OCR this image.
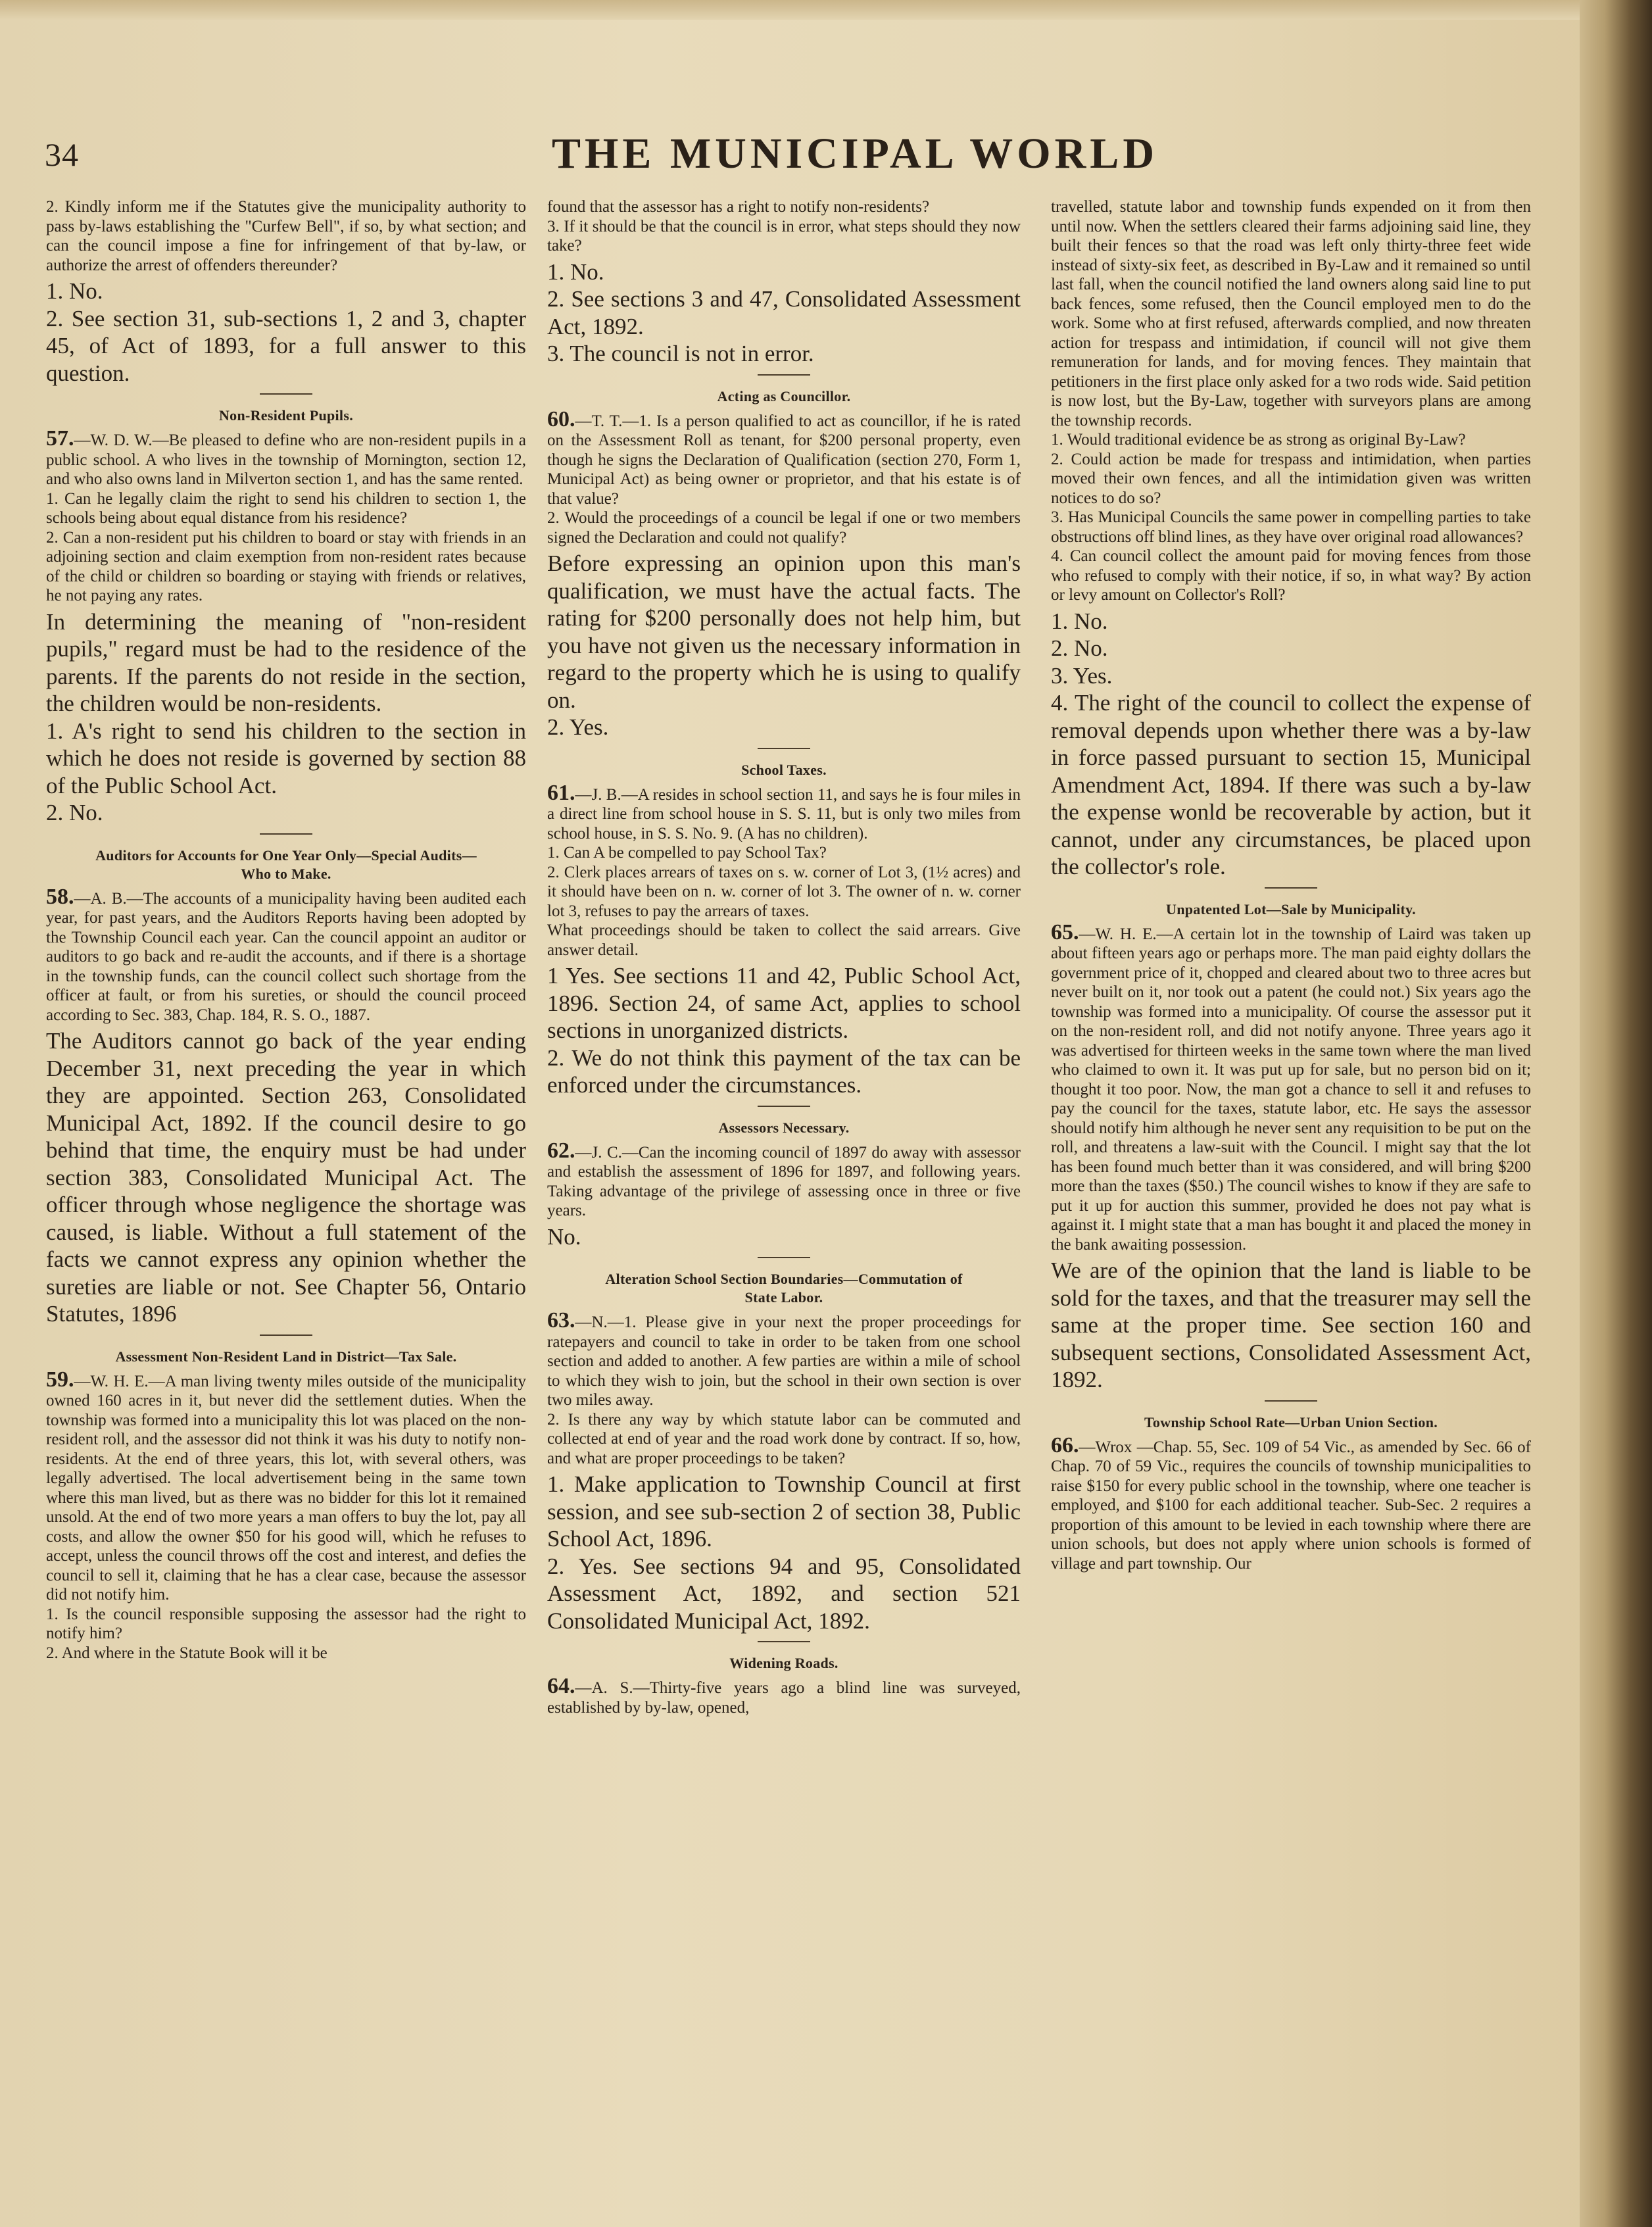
34	THE MUNICIPAL WORLD
2. Kindly inform me if the Statutes give the municipality authority to pass by-laws establishing the "Curfew Bell", if so, by what section; and can the council impose a fine for infringement of that by-law, or authorize the arrest of offenders thereunder?
1. No.
2. See section 31, sub-sections 1, 2 and 3, chapter 45, of Act of 1893, for a full answer to this question.
Non-Resident Pupils.
57.—W. D. W.—Be pleased to define who are non-resident pupils in a public school. A who lives in the township of Mornington, section 12, and who also owns land in Milverton section 1, and has the same rented.
1. Can he legally claim the right to send his children to section 1, the schools being about equal distance from his residence?
2. Can a non-resident put his children to board or stay with friends in an adjoining section and claim exemption from non-resident rates because of the child or children so boarding or staying with friends or relatives, he not paying any rates.
In determining the meaning of "non-resident pupils," regard must be had to the residence of the parents. If the parents do not reside in the section, the children would be non-residents.
1. A's right to send his children to the section in which he does not reside is governed by section 88 of the Public School Act.
2. No.
Auditors for Accounts for One Year Only—Special Audits—
Who to Make.
58.—A. B.—The accounts of a municipality having been audited each year, for past years, and the Auditors Reports having been adopted by the Township Council each year. Can the council appoint an auditor or auditors to go back and re-audit the accounts, and if there is a shortage in the township funds, can the council collect such shortage from the officer at fault, or from his sureties, or should the council proceed according to Sec. 383, Chap. 184, R. S. O., 1887.
The Auditors cannot go back of the year ending December 31, next preceding the year in which they are appointed. Section 263, Consolidated Municipal Act, 1892. If the council desire to go behind that time, the enquiry must be had under section 383, Consolidated Municipal Act. The officer through whose negligence the shortage was caused, is liable. Without a full statement of the facts we cannot express any opinion whether the sureties are liable or not. See Chapter 56, Ontario Statutes, 1896
Assessment Non-Resident Land in District—Tax Sale.
59.—W. H. E.—A man living twenty miles outside of the municipality owned 160 acres in it, but never did the settlement duties. When the township was formed into a municipality this lot was placed on the non-resident roll, and the assessor did not think it was his duty to notify non-residents. At the end of three years, this lot, with several others, was legally advertised. The local advertisement being in the same town where this man lived, but as there was no bidder for this lot it remained unsold. At the end of two more years a man offers to buy the lot, pay all costs, and allow the owner $50 for his good will, which he refuses to accept, unless the council throws off the cost and interest, and defies the council to sell it, claiming that he has a clear case, because the assessor did not notify him.
1. Is the council responsible supposing the assessor had the right to notify him?
2. And where in the Statute Book will it be
found that the assessor has a right to notify non-residents?
3. If it should be that the council is in error, what steps should they now take?
1. No.
2. See sections 3 and 47, Consolidated Assessment Act, 1892.
3. The council is not in error.
Acting as Councillor.
60.—T. T.—1. Is a person qualified to act as councillor, if he is rated on the Assessment Roll as tenant, for $200 personal property, even though he signs the Declaration of Qualification (section 270, Form 1, Municipal Act) as being owner or proprietor, and that his estate is of that value?
2. Would the proceedings of a council be legal if one or two members signed the Declaration and could not qualify?
Before expressing an opinion upon this man's qualification, we must have the actual facts. The rating for $200 personally does not help him, but you have not given us the necessary information in regard to the property which he is using to qualify on.
2. Yes.
School Taxes.
61.—J. B.—A resides in school section 11, and says he is four miles in a direct line from school house in S. S. 11, but is only two miles from school house, in S. S. No. 9. (A has no children).
1. Can A be compelled to pay School Tax?
2. Clerk places arrears of taxes on s. w. corner of Lot 3, (1½ acres) and it should have been on n. w. corner of lot 3. The owner of n. w. corner lot 3, refuses to pay the arrears of taxes.
What proceedings should be taken to collect the said arrears. Give answer detail.
1 Yes. See sections 11 and 42, Public School Act, 1896. Section 24, of same Act, applies to school sections in unorganized districts.
2. We do not think this payment of the tax can be enforced under the circumstances.
Assessors Necessary.
62.—J. C.—Can the incoming council of 1897 do away with assessor and establish the assessment of 1896 for 1897, and following years. Taking advantage of the privilege of assessing once in three or five years.
No.
Alteration School Section Boundaries—Commutation of
State Labor.
63.—N.—1. Please give in your next the proper proceedings for ratepayers and council to take in order to be taken from one school section and added to another. A few parties are within a mile of school to which they wish to join, but the school in their own section is over two miles away.
2. Is there any way by which statute labor can be commuted and collected at end of year and the road work done by contract. If so, how, and what are proper proceedings to be taken?
1. Make application to Township Council at first session, and see sub-section 2 of section 38, Public School Act, 1896.
2. Yes. See sections 94 and 95, Consolidated Assessment Act, 1892, and section 521 Consolidated Municipal Act, 1892.
Widening Roads.
64.—A. S.—Thirty-five years ago a blind line was surveyed, established by by-law, opened,
travelled, statute labor and township funds expended on it from then until now. When the settlers cleared their farms adjoining said line, they built their fences so that the road was left only thirty-three feet wide instead of sixty-six feet, as described in By-Law and it remained so until last fall, when the council notified the land owners along said line to put back fences, some refused, then the Council employed men to do the work. Some who at first refused, afterwards complied, and now threaten action for trespass and intimidation, if council will not give them remuneration for lands, and for moving fences. They maintain that petitioners in the first place only asked for a two rods wide. Said petition is now lost, but the By-Law, together with surveyors plans are among the township records.
1. Would traditional evidence be as strong as original By-Law?
2. Could action be made for trespass and intimidation, when parties moved their own fences, and all the intimidation given was written notices to do so?
3. Has Municipal Councils the same power in compelling parties to take obstructions off blind lines, as they have over original road allowances?
4. Can council collect the amount paid for moving fences from those who refused to comply with their notice, if so, in what way? By action or levy amount on Collector's Roll?
1. No.
2. No.
3. Yes.
4. The right of the council to collect the expense of removal depends upon whether there was a by-law in force passed pursuant to section 15, Municipal Amendment Act, 1894. If there was such a by-law the expense wonld be recoverable by action, but it cannot, under any circumstances, be placed upon the collector's role.
Unpatented Lot—Sale by Municipality.
65.—W. H. E.—A certain lot in the township of Laird was taken up about fifteen years ago or perhaps more. The man paid eighty dollars the government price of it, chopped and cleared about two to three acres but never built on it, nor took out a patent (he could not.) Six years ago the township was formed into a municipality. Of course the assessor put it on the non-resident roll, and did not notify anyone. Three years ago it was advertised for thirteen weeks in the same town where the man lived who claimed to own it. It was put up for sale, but no person bid on it; thought it too poor. Now, the man got a chance to sell it and refuses to pay the council for the taxes, statute labor, etc. He says the assessor should notify him although he never sent any requisition to be put on the roll, and threatens a law-suit with the Council. I might say that the lot has been found much better than it was considered, and will bring $200 more than the taxes ($50.) The council wishes to know if they are safe to put it up for auction this summer, provided he does not pay what is against it. I might state that a man has bought it and placed the money in the bank awaiting possession.
We are of the opinion that the land is liable to be sold for the taxes, and that the treasurer may sell the same at the proper time. See section 160 and subsequent sections, Consolidated Assessment Act, 1892.
Township School Rate—Urban Union Section.
66.—Wrox —Chap. 55, Sec. 109 of 54 Vic., as amended by Sec. 66 of Chap. 70 of 59 Vic., requires the councils of township municipalities to raise $150 for every public school in the township, where one teacher is employed, and $100 for each additional teacher. Sub-Sec. 2 requires a proportion of this amount to be levied in each township where there are union schools, but does not apply where union schools is formed of village and part township. Our
